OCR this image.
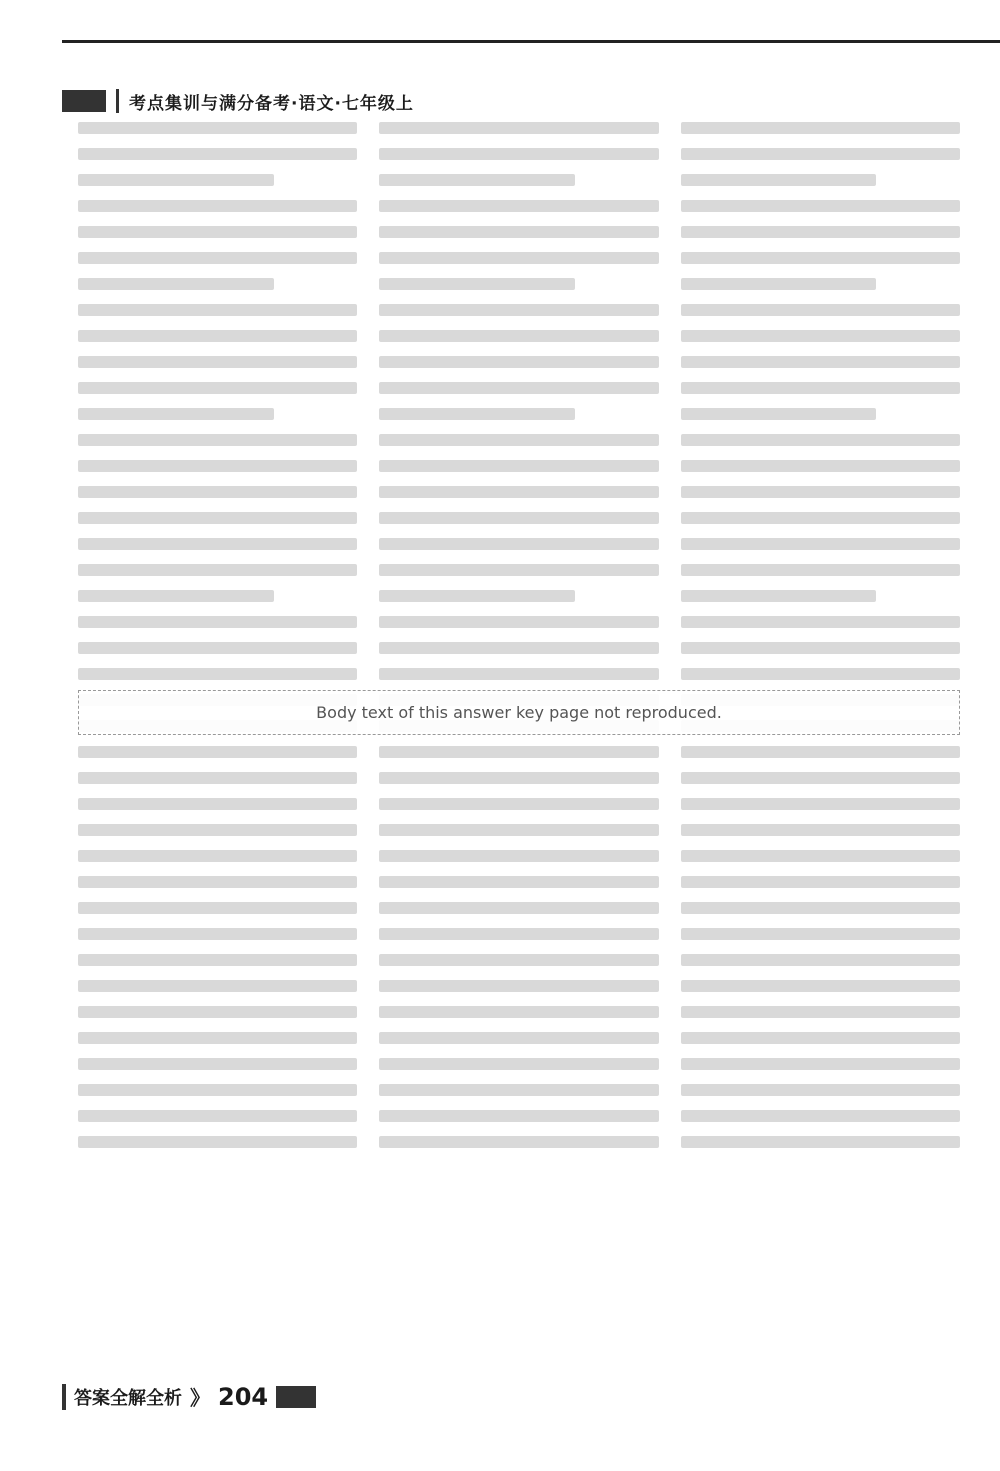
考点集训与满分备考·语文·七年级上
Body text of this answer key page not reproduced.
答案全解全析 》 204
